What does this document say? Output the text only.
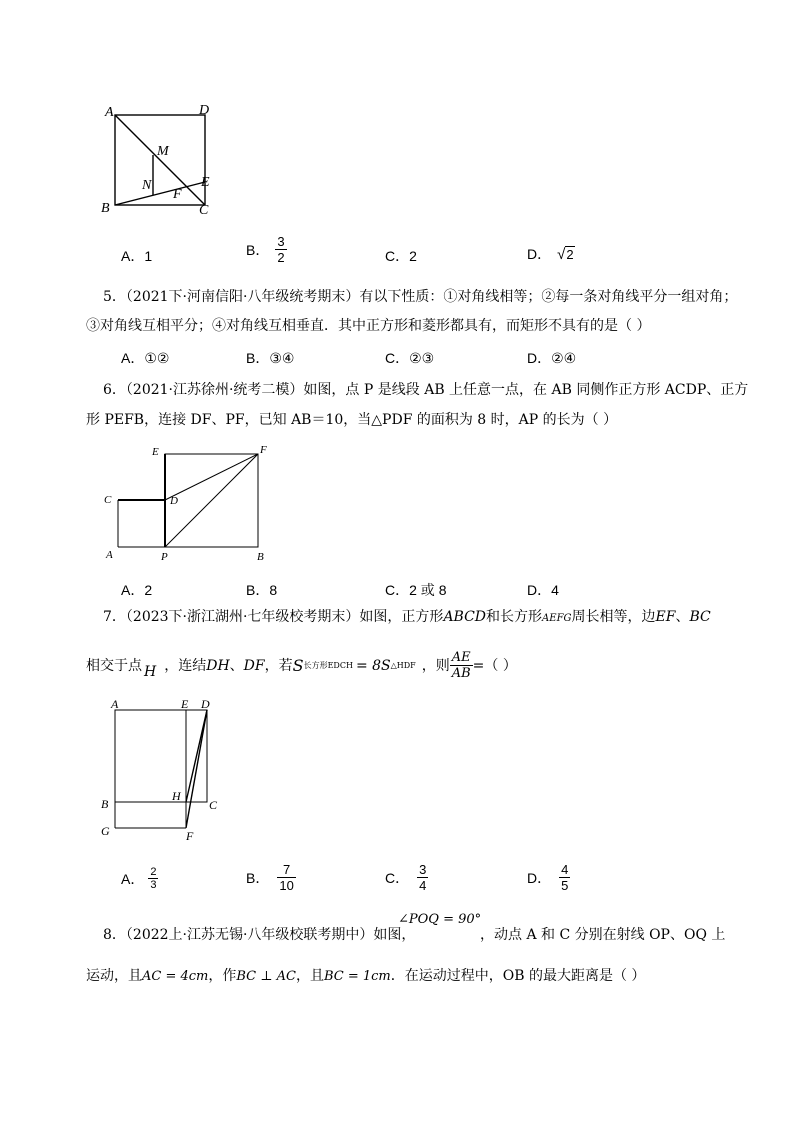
A	D
M
N	E
F
B	C
A．1	B． $\frac{3}{2}$	C．2	D． √ 2
5．（2021下·河南信阳·八年级统考期末）有以下性质：①对角线相等；②每一条对角线平分一组对角；
③对角线互相平分；④对角线互相垂直．其中正方形和菱形都具有，而矩形不具有的是（ ）
A．①②	B．③④	C．②③	D．②④
6．（2021·江苏徐州·统考二模）如图，点 P 是线段 AB 上任意一点，在 AB 同侧作正方形 ACDP、正方
形 PEFB，连接 DF、PF，已知 AB＝10，当△PDF 的面积为 8 时，AP 的长为（ ）
E	F
C	D
A	P	B
A．2	B．8	C．2 或 8	D．4
7．（2023下·浙江湖州·七年级校考期末）如图，正方形ABCD和长方形AEFG周长相等，边EF、BC
相交于点 H ，连结 DH 、 DF ，若 S 长方形EDCH = 8S △HDF ，则 $\frac{AE}{AB}$ =（ ）
A	E D
B
H
C
G	F
A． $\frac{2}{3}$	B． $\frac{7}{10}$	C． $\frac{3}{4}$	D． $\frac{4}{5}$
∠POQ = 90°
8．（2022上·江苏无锡·八年级校联考期中）如图，	，动点 A 和 C 分别在射线 OP、OQ 上
运动，且AC = 4cm，作BC ⊥ AC，且BC = 1cm．在运动过程中，OB 的最大距离是（ ）
